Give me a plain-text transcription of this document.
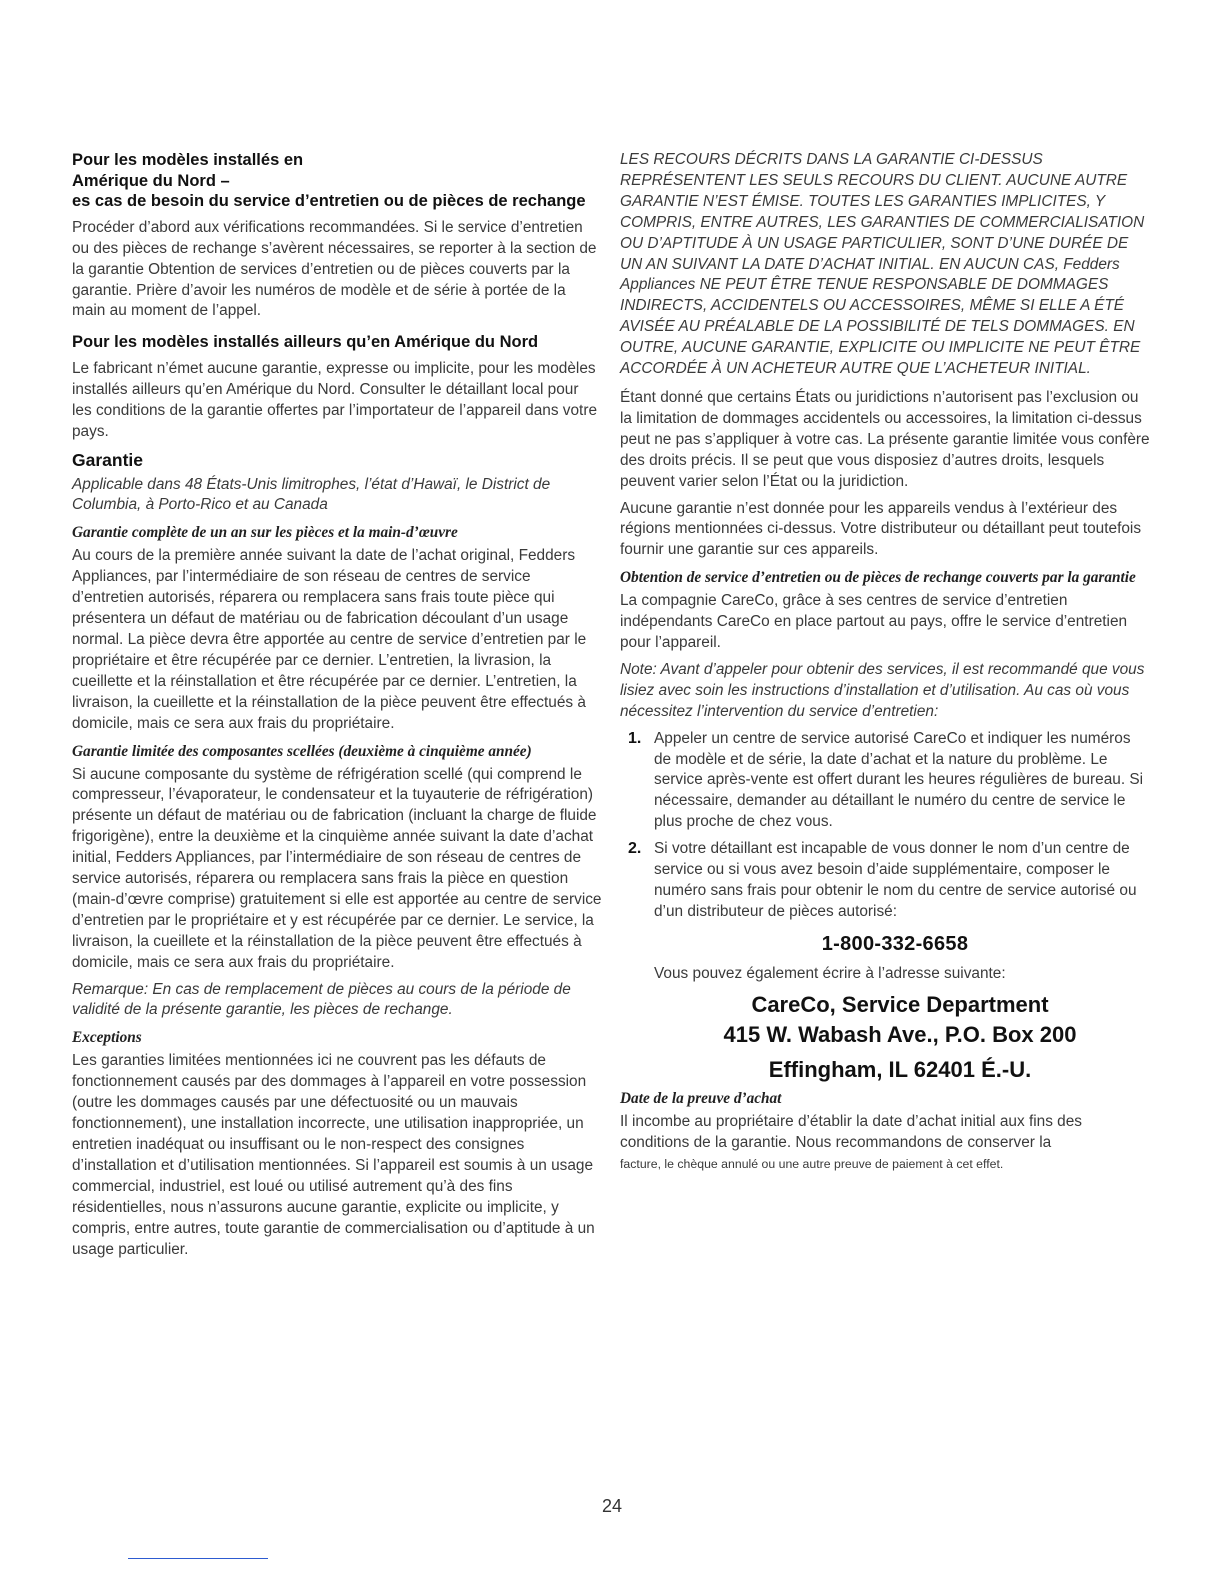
Pour les modèles installés en

Amérique du Nord –

es cas de besoin du service d’entretien ou de pièces de rechange

Procéder d’abord aux vérifications recommandées. Si le service d’entretien ou des pièces de rechange s’avèrent nécessaires, se reporter à la section de la garantie Obtention de services d’entretien ou de pièces couverts par la garantie. Prière d’avoir les numéros de modèle et de série à portée de la main au moment de l’appel.

Pour les modèles installés ailleurs qu’en Amérique du Nord

Le fabricant n’émet aucune garantie, expresse ou implicite, pour les modèles installés ailleurs qu’en Amérique du Nord. Consulter le détaillant local pour les conditions de la garantie offertes par l’importateur de l’appareil dans votre pays.

Garantie

Applicable dans 48 États-Unis limitrophes, l’état d’Hawaï, le District de Columbia, à Porto-Rico et au Canada

Garantie complète de un an sur les pièces et la main-d’œuvre

Au cours de la première année suivant la date de l’achat original, Fedders Appliances, par l’intermédiaire de son réseau de centres de service d’entretien autorisés, réparera ou remplacera sans frais toute pièce qui présentera un défaut de matériau ou de fabrication découlant d’un usage normal. La pièce devra être apportée au centre de service d’entretien par le propriétaire et être récupérée par ce dernier. L’entretien, la livrasion, la cueillette et la réinstallation et être récupérée par ce dernier. L’entretien, la livraison, la cueillette et la réinstallation de la pièce peuvent être effectués à domicile, mais ce sera aux frais du propriétaire.

Garantie limitée des composantes scellées (deuxième à cinquième année)

Si aucune composante du système de réfrigération scellé (qui comprend le compresseur, l’évaporateur, le condensateur et la tuyauterie de réfrigération) présente un défaut de matériau ou de fabrication (incluant la charge de fluide frigorigène), entre la deuxième et la cinquième année suivant la date d’achat initial, Fedders Appliances, par l’intermédiaire de son réseau de centres de service autorisés, réparera ou remplacera sans frais la pièce en question (main-d’œvre comprise) gratuitement si elle est apportée au centre de service d’entretien par le propriétaire et y est récupérée par ce dernier. Le service, la livraison, la cueillete et la réinstallation de la pièce peuvent être effectués à domicile, mais ce sera aux frais du propriétaire.

Remarque: En cas de remplacement de pièces au cours de la période de validité de la présente garantie, les pièces de rechange.

Exceptions

Les garanties limitées mentionnées ici ne couvrent pas les défauts de fonctionnement causés par des dommages à l’appareil en votre possession (outre les dommages causés par une défectuosité ou un mauvais fonctionnement), une installation incorrecte, une utilisation inappropriée, un entretien inadéquat ou insuffisant ou le non-respect des consignes d’installation et d’utilisation mentionnées. Si l’appareil est soumis à un usage commercial, industriel, est loué ou utilisé autrement qu’à des fins résidentielles, nous n’assurons aucune garantie, explicite ou implicite, y compris, entre autres, toute garantie de commercialisation ou d’aptitude à un usage particulier.

LES RECOURS DÉCRITS DANS LA GARANTIE CI-DESSUS REPRÉSENTENT LES SEULS RECOURS DU CLIENT. AUCUNE AUTRE GARANTIE N’EST ÉMISE. TOUTES LES GARANTIES IMPLICITES, Y COMPRIS, ENTRE AUTRES, LES GARANTIES DE COMMERCIALISATION OU D’APTITUDE À UN USAGE PARTICULIER, SONT D’UNE DURÉE DE UN AN SUIVANT LA DATE D’ACHAT INITIAL. EN AUCUN CAS, Fedders Appliances NE PEUT ÊTRE TENUE RESPONSABLE DE DOMMAGES INDIRECTS, ACCIDENTELS OU ACCESSOIRES, MÊME SI ELLE A ÉTÉ AVISÉE AU PRÉALABLE DE LA POSSIBILITÉ DE TELS DOMMAGES. EN OUTRE, AUCUNE GARANTIE, EXPLICITE OU IMPLICITE NE PEUT ÊTRE ACCORDÉE À UN ACHETEUR AUTRE QUE L’ACHETEUR INITIAL.

Étant donné que certains États ou juridictions n’autorisent pas l’exclusion ou la limitation de dommages accidentels ou accessoires, la limitation ci-dessus peut ne pas s’appliquer à votre cas. La présente garantie limitée vous confère des droits précis. Il se peut que vous disposiez d’autres droits, lesquels peuvent varier selon l’État ou la juridiction.

Aucune garantie n’est donnée pour les appareils vendus à l’extérieur des régions mentionnées ci-dessus. Votre distributeur ou détaillant peut toutefois fournir une garantie sur ces appareils.

Obtention de service d’entretien ou de pièces de rechange couverts par la garantie

La compagnie CareCo, grâce à ses centres de service d’entretien indépendants CareCo en place partout au pays, offre le service d’entretien pour l’appareil.

Note: Avant d’appeler pour obtenir des services, il est recommandé que vous lisiez avec soin les instructions d’installation et d’utilisation. Au cas où vous nécessitez l’intervention du service d’entretien:

1. Appeler un centre de service autorisé CareCo et indiquer les numéros de modèle et de série, la date d’achat et la nature du problème. Le service après-vente est offert durant les heures régulières de bureau. Si nécessaire, demander au détaillant le numéro du centre de service le plus proche de chez vous.
2. Si votre détaillant est incapable de vous donner le nom d’un centre de service ou si vous avez besoin d’aide supplémentaire, composer le numéro sans frais pour obtenir le nom du centre de service autorisé ou d’un distributeur de pièces autorisé:

1-800-332-6658

Vous pouvez également écrire à l’adresse suivante:

CareCo, Service Department

415 W. Wabash Ave., P.O. Box 200

Effingham, IL 62401 É.-U.

Date de la preuve d’achat

Il incombe au propriétaire d’établir la date d’achat initial aux fins des conditions de la garantie. Nous recommandons de conserver la
facture, le chèque annulé ou une autre preuve de paiement à cet effet.

24
